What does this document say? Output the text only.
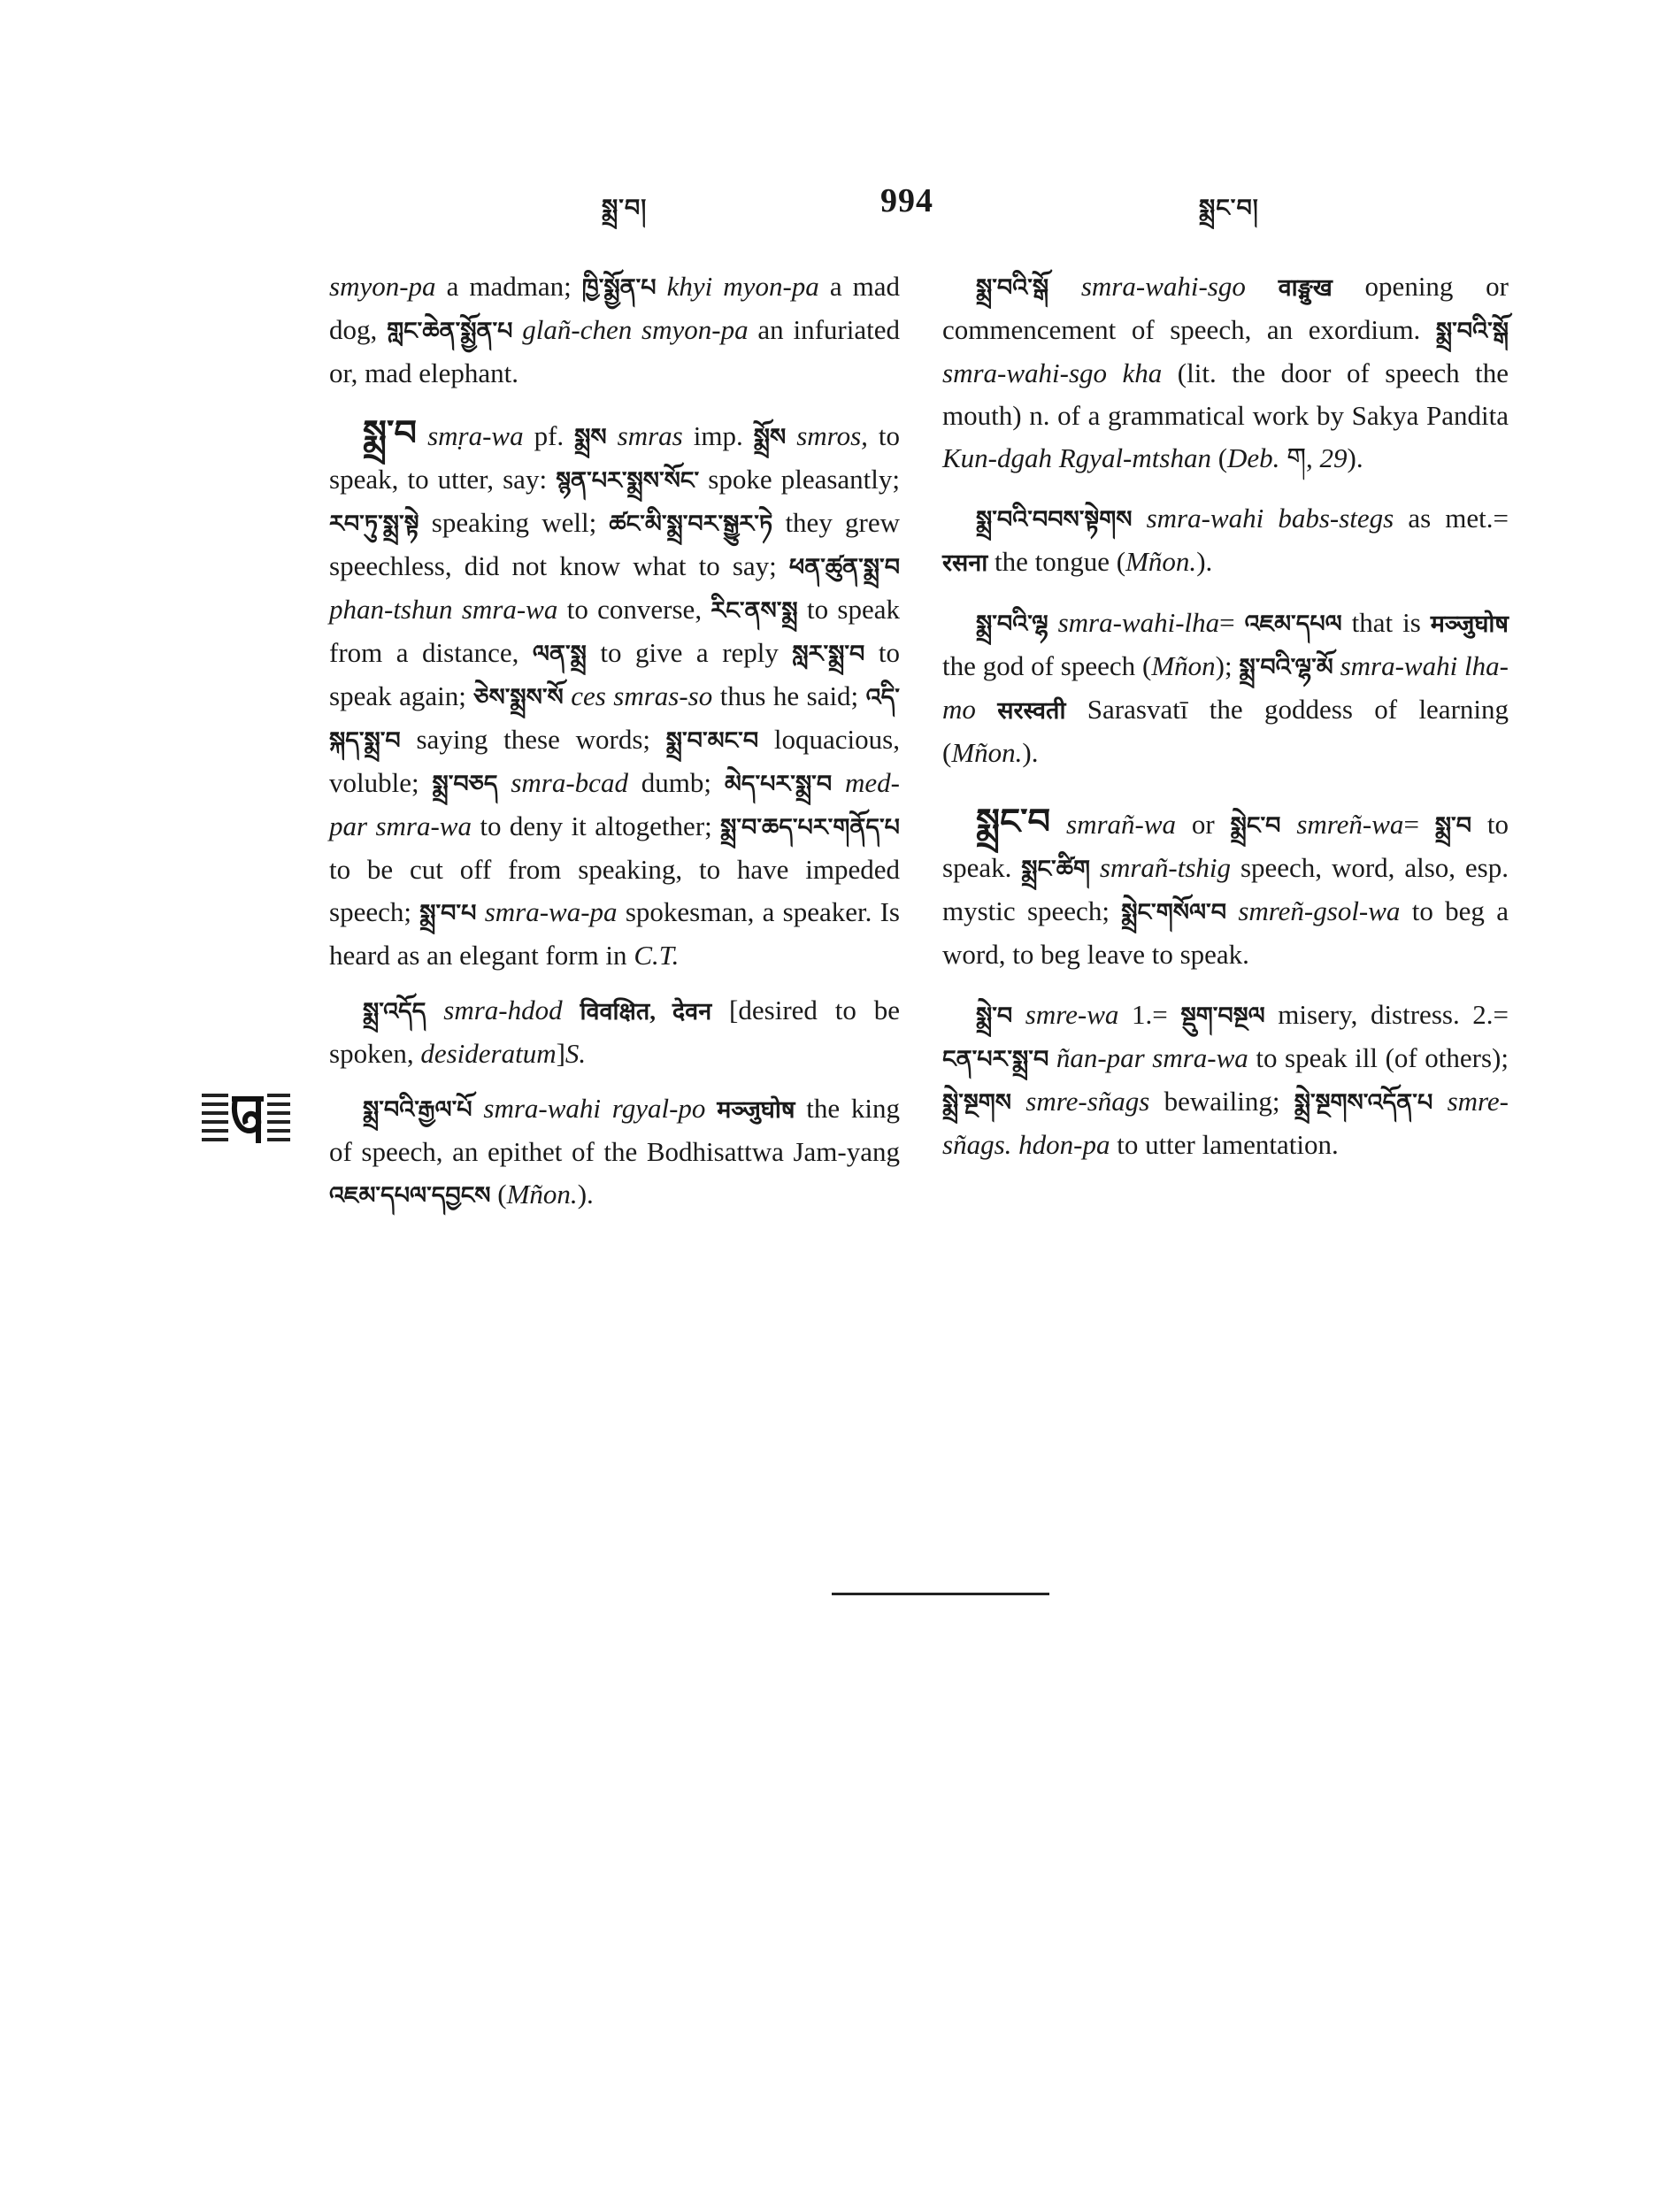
སྨྲ་བ།	994	སྨྲང་བ།

smyon-pa a madman; ཁྱི་སྨྱོན་པ khyi myon-pa a mad dog, གླང་ཆེན་སྨྱོན་པ glañ-chen smyon-pa an infuriated or, mad elephant.

སྨྲ་བ smṛa-wa pf. སྨྲས smras imp. སྨྲོས smros, to speak, to utter, say: སྙན་པར་སྨྲས་སོང་ spoke pleasantly; རབ་ཏུ་སྨྲ་སྟེ speaking well; ཚང་མི་སྨྲ་བར་སྒྱུར་ཏེ they grew speechless, did not know what to say; ཕན་ཚུན་སྨྲ་བ phan-tshun smra-wa to converse, རིང་ནས་སྨྲ to speak from a distance, ལན་སྨྲ to give a reply སླར་སྨྲ་བ to speak again; ཅེས་སྨྲས་སོ ces smras-so thus he said; འདི་སྐད་སྨྲ་བ saying these words; སྨྲ་བ་མང་བ loquacious, voluble; སྨྲ་བཅད smra-bcad dumb; མེད་པར་སྨྲ་བ med-par smra-wa to deny it altogether; སྨྲ་བ་ཆད་པར་གནོད་པ to be cut off from speaking, to have impeded speech; སྨྲ་བ་པ smra-wa-pa spokesman, a speaker. Is heard as an elegant form in C.T.

སྨྲ་འདོད smra-hdod विवक्षित, देवन [desired to be spoken, desideratum]S.

སྨྲ་བའི་རྒྱལ་པོ smra-wahi rgyal-po मञ्जुघोष the king of speech, an epithet of the Bodhisattwa Jam-yang འཇམ་དཔལ་དབྱངས (Mñon.).

སྨྲ་བའི་སྒོ smra-wahi-sgo वाङ्मुख opening or commencement of speech, an exordium. སྨྲ་བའི་སྒོ smra-wahi-sgo kha (lit. the door of speech the mouth) n. of a grammatical work by Sakya Pandita Kun-dgah Rgyal-mtshan (Deb. ག, 29).

སྨྲ་བའི་བབས་སྟེགས smra-wahi babs-stegs as met.= रसना the tongue (Mñon.).

སྨྲ་བའི་ལྷ smra-wahi-lha= འཇམ་དཔལ that is मञ्जुघोष the god of speech (Mñon); སྨྲ་བའི་ལྷ་མོ smra-wahi lha-mo सरस्वती Sarasvatī the goddess of learning (Mñon.).

སྨྲང་བ smrañ-wa or སྨྲེང་བ smreñ-wa= སྨྲ་བ to speak. སྨྲང་ཚིག smrañ-tshig speech, word, also, esp. mystic speech; སྨྲེང་གསོལ་བ smreñ-gsol-wa to beg a word, to beg leave to speak.

སྨྲེ་བ smre-wa 1.= སྡུག་བསྔལ misery, distress. 2.= ངན་པར་སྨྲ་བ ñan-par smra-wa to speak ill (of others); སྨྲེ་སྔགས smre-sñags bewailing; སྨྲེ་སྔགས་འདོན་པ smre-sñags. hdon-pa to utter lamentation.
